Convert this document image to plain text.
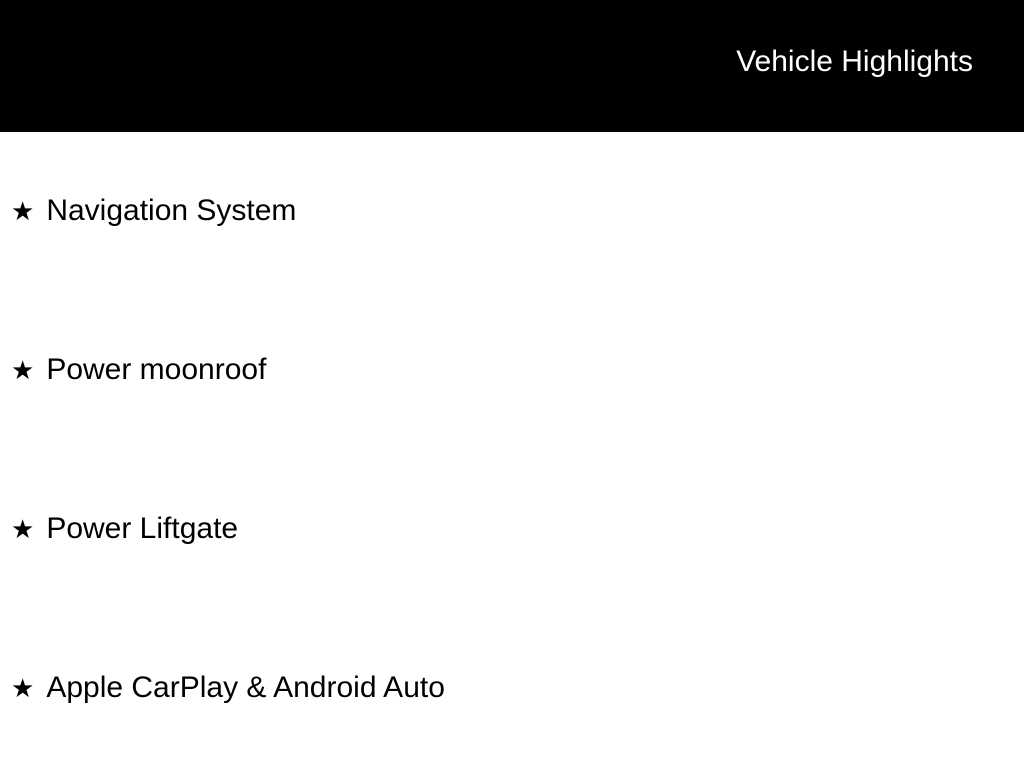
Vehicle Highlights
★ Navigation System
★ Power moonroof
★ Power Liftgate
★ Apple CarPlay & Android Auto
